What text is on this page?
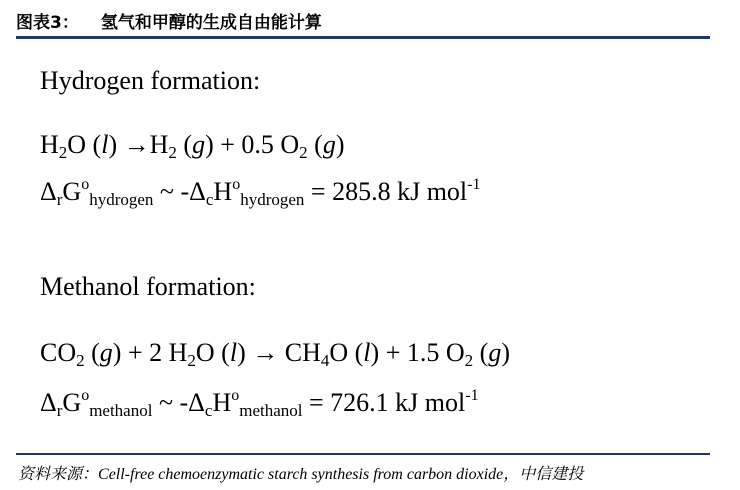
图表3： 氢气和甲醇的生成自由能计算
Hydrogen formation:
$H_2O$ $(l) \to H_2$ (g) + 0.5 $O_2$ (g)
$\Delta_rG^o_{hydrogen}$ ~ $-\Delta_cH^o_{hydrogen} = 285.8$ kJ mol$^{-1}$
Methanol formation:
$CO_2$ (g) + 2 $H_2O$ $(l) \to CH_4O$ (l) + 1.5 $O_2$ (g)
$\Delta_rG^o_{methanol}$ ~ $-\Delta_cH^o_{methanol} = 726.1$ kJ mol$^{-1}$
资料来源：Cell-free chemoenzymatic starch synthesis from carbon dioxide，中信建投
